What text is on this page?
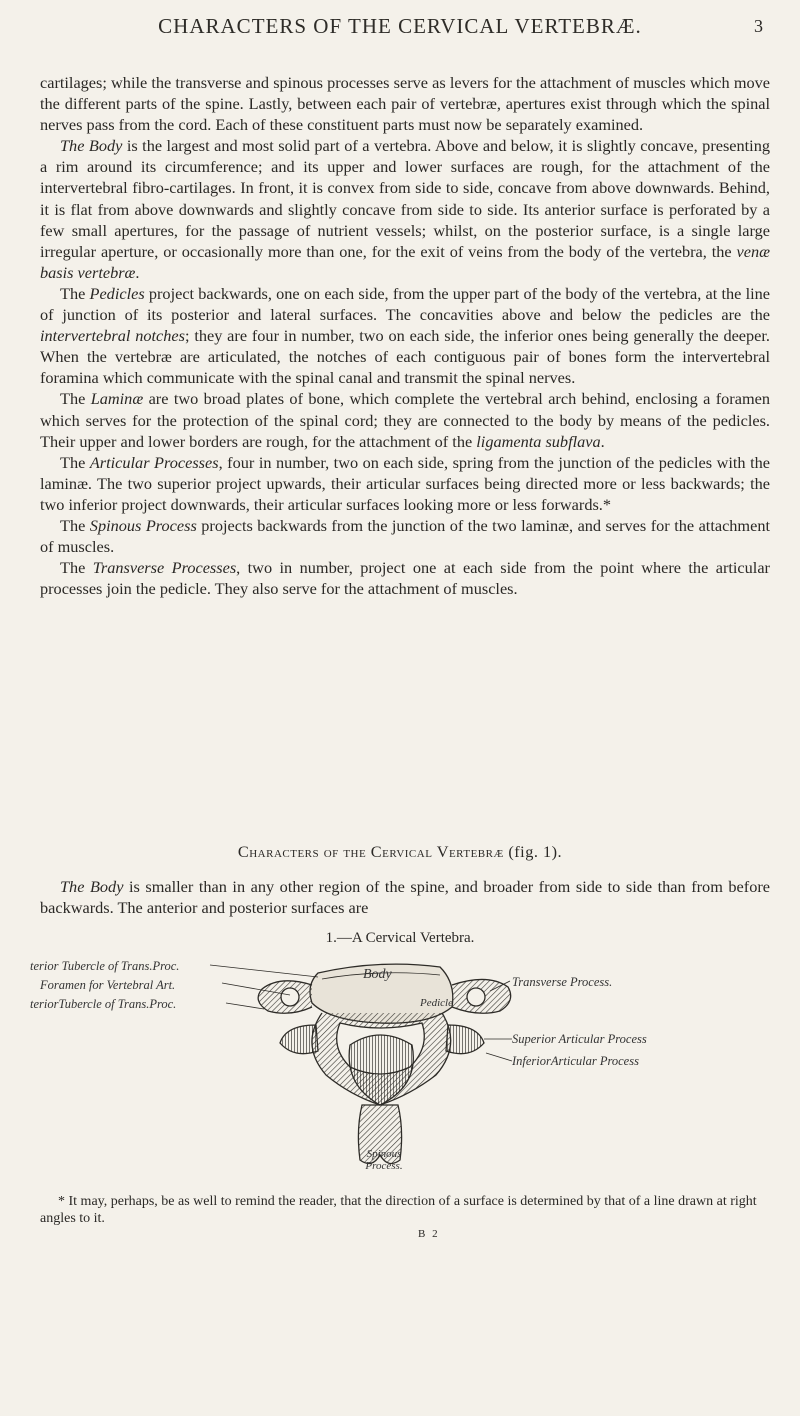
CHARACTERS OF THE CERVICAL VERTEBRÆ.	3

cartilages; while the transverse and spinous processes serve as levers for the attachment of muscles which move the different parts of the spine. Lastly, between each pair of vertebræ, apertures exist through which the spinal nerves pass from the cord. Each of these constituent parts must now be separately examined.

The Body is the largest and most solid part of a vertebra. Above and below, it is slightly concave, presenting a rim around its circumference; and its upper and lower surfaces are rough, for the attachment of the intervertebral fibro-cartilages. In front, it is convex from side to side, concave from above downwards. Behind, it is flat from above downwards and slightly concave from side to side. Its anterior surface is perforated by a few small apertures, for the passage of nutrient vessels; whilst, on the posterior surface, is a single large irregular aperture, or occasionally more than one, for the exit of veins from the body of the vertebra, the venæ basis vertebræ.

The Pedicles project backwards, one on each side, from the upper part of the body of the vertebra, at the line of junction of its posterior and lateral surfaces. The concavities above and below the pedicles are the intervertebral notches; they are four in number, two on each side, the inferior ones being generally the deeper. When the vertebræ are articulated, the notches of each contiguous pair of bones form the intervertebral foramina which communicate with the spinal canal and transmit the spinal nerves.

The Laminæ are two broad plates of bone, which complete the vertebral arch behind, enclosing a foramen which serves for the protection of the spinal cord; they are connected to the body by means of the pedicles. Their upper and lower borders are rough, for the attachment of the ligamenta subflava.

The Articular Processes, four in number, two on each side, spring from the junction of the pedicles with the laminæ. The two superior project upwards, their articular surfaces being directed more or less backwards; the two inferior project downwards, their articular surfaces looking more or less forwards.*

The Spinous Process projects backwards from the junction of the two laminæ, and serves for the attachment of muscles.

The Transverse Processes, two in number, project one at each side from the point where the articular processes join the pedicle. They also serve for the attachment of muscles.

Characters of the Cervical Vertebræ (fig. 1).

The Body is smaller than in any other region of the spine, and broader from side to side than from before backwards. The anterior and posterior surfaces are

1.—A Cervical Vertebra.
terior Tubercle of Trans.Proc.
Foramen for Vertebral Art.
teriorTubercle of Trans.Proc.
Body
Pedicle
Transverse Process.
Superior Articular Process
InferiorArticular Process
Spinous Process.

* It may, perhaps, be as well to remind the reader, that the direction of a surface is determined by that of a line drawn at right angles to it.

B 2
